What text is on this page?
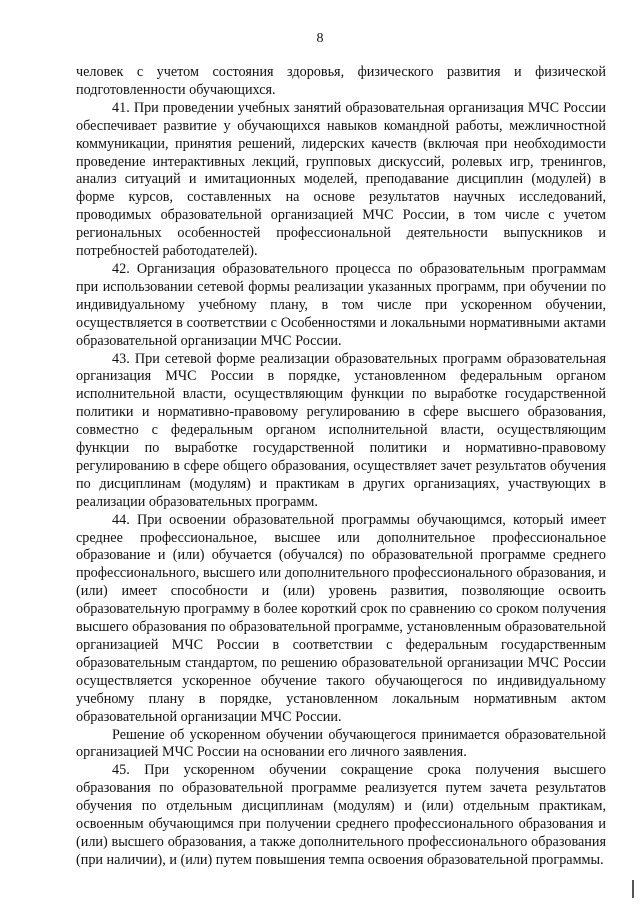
8

человек с учетом состояния здоровья, физического развития и физической подготовленности обучающихся.

41. При проведении учебных занятий образовательная организация МЧС России обеспечивает развитие у обучающихся навыков командной работы, межличностной коммуникации, принятия решений, лидерских качеств (включая при необходимости проведение интерактивных лекций, групповых дискуссий, ролевых игр, тренингов, анализ ситуаций и имитационных моделей, преподавание дисциплин (модулей) в форме курсов, составленных на основе результатов научных исследований, проводимых образовательной организацией МЧС России, в том числе с учетом региональных особенностей профессиональной деятельности выпускников и потребностей работодателей).

42. Организация образовательного процесса по образовательным программам при использовании сетевой формы реализации указанных программ, при обучении по индивидуальному учебному плану, в том числе при ускоренном обучении, осуществляется в соответствии с Особенностями и локальными нормативными актами образовательной организации МЧС России.

43. При сетевой форме реализации образовательных программ образовательная организация МЧС России в порядке, установленном федеральным органом исполнительной власти, осуществляющим функции по выработке государственной политики и нормативно-правовому регулированию в сфере высшего образования, совместно с федеральным органом исполнительной власти, осуществляющим функции по выработке государственной политики и нормативно-правовому регулированию в сфере общего образования, осуществляет зачет результатов обучения по дисциплинам (модулям) и практикам в других организациях, участвующих в реализации образовательных программ.

44. При освоении образовательной программы обучающимся, который имеет среднее профессиональное, высшее или дополнительное профессиональное образование и (или) обучается (обучался) по образовательной программе среднего профессионального, высшего или дополнительного профессионального образования, и (или) имеет способности и (или) уровень развития, позволяющие освоить образовательную программу в более короткий срок по сравнению со сроком получения высшего образования по образовательной программе, установленным образовательной организацией МЧС России в соответствии с федеральным государственным образовательным стандартом, по решению образовательной организации МЧС России осуществляется ускоренное обучение такого обучающегося по индивидуальному учебному плану в порядке, установленном локальным нормативным актом образовательной организации МЧС России.

Решение об ускоренном обучении обучающегося принимается образовательной организацией МЧС России на основании его личного заявления.

45. При ускоренном обучении сокращение срока получения высшего образования по образовательной программе реализуется путем зачета результатов обучения по отдельным дисциплинам (модулям) и (или) отдельным практикам, освоенным обучающимся при получении среднего профессионального образования и (или) высшего образования, а также дополнительного профессионального образования (при наличии), и (или) путем повышения темпа освоения образовательной программы.
